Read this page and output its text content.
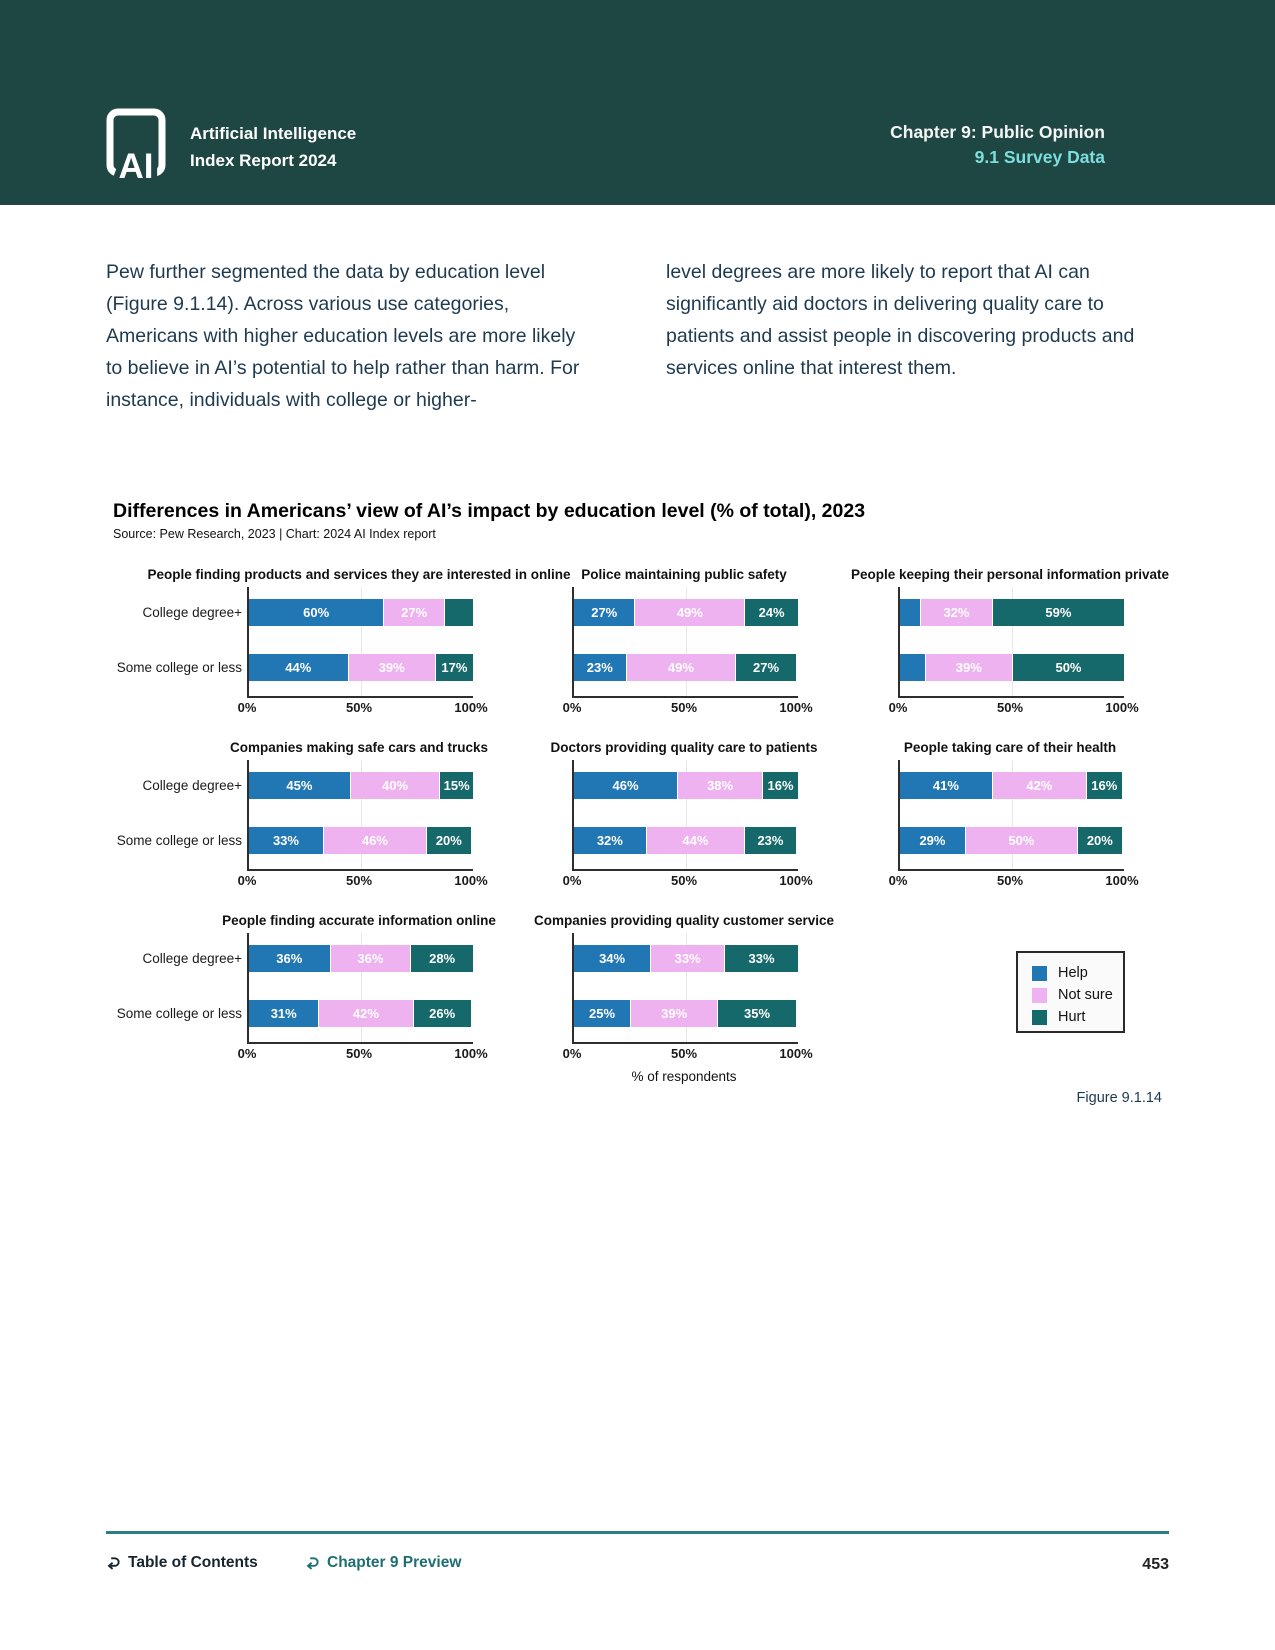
AI
Artificial Intelligence
Index Report 2024
Chapter 9: Public Opinion
9.1 Survey Data

Pew further segmented the data by education level (Figure 9.1.14). Across various use categories, Americans with higher education levels are more likely to believe in AI’s potential to help rather than harm. For instance, individuals with college or higher-

level degrees are more likely to report that AI can significantly aid doctors in delivering quality care to patients and assist people in discovering products and services online that interest them.

Differences in Americans’ view of AI’s impact by education level (% of total), 2023
Source: Pew Research, 2023 | Chart: 2024 AI Index report
People finding products and services they are interested in online
60%	27%
44%	39%	17%
0%	50%	100%
College degree+
Some college or less
Police maintaining public safety
27%	49%	24%
23%	49%	27%
0%	50%	100%
People keeping their personal information private
32%	59%
39%	50%
0%	50%	100%
Companies making safe cars and trucks
45%	40%	15%
33%	46%	20%
0%	50%	100%
College degree+
Some college or less
Doctors providing quality care to patients
46%	38%	16%
32%	44%	23%
0%	50%	100%
People taking care of their health
41%	42%	16%
29%	50%	20%
0%	50%	100%
People finding accurate information online
36%	36%	28%
31%	42%	26%
0%	50%	100%
College degree+
Some college or less
Companies providing quality customer service
34%	33%	33%
25%	39%	35%
0%	50%	100%
Help
Not sure
Hurt
% of respondents
Figure 9.1.14
Table of Contents	Chapter 9 Preview	453
